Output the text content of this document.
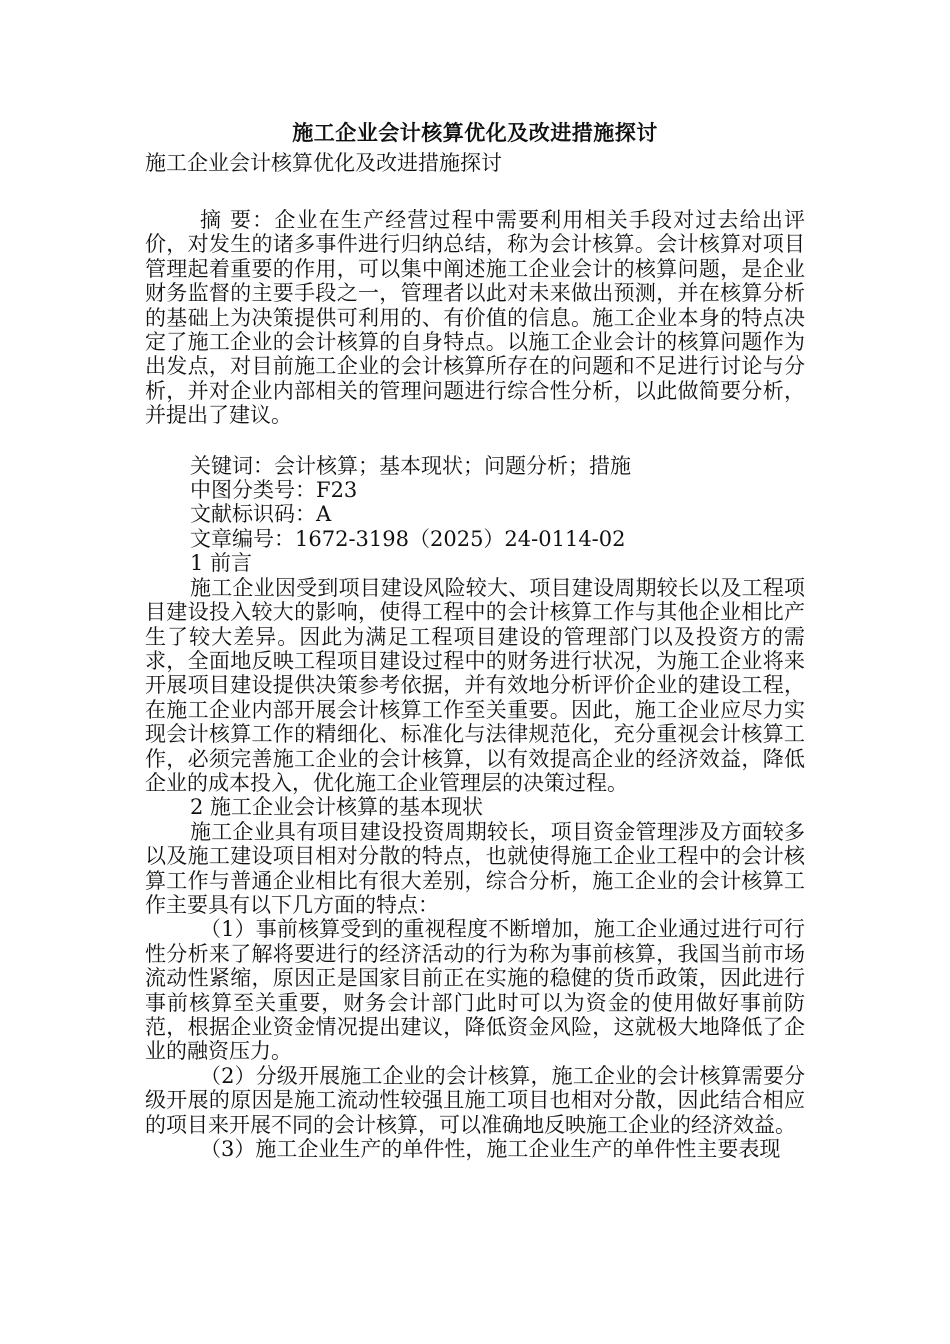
施工企业会计核算优化及改进措施探讨
施工企业会计核算优化及改进措施探讨

摘 要：企业在生产经营过程中需要利用相关手段对过去给出评价，对发生的诸多事件进行归纳总结，称为会计核算。会计核算对项目管理起着重要的作用，可以集中阐述施工企业会计的核算问题，是企业财务监督的主要手段之一，管理者以此对未来做出预测，并在核算分析的基础上为决策提供可利用的、有价值的信息。施工企业本身的特点决定了施工企业的会计核算的自身特点。以施工企业会计的核算问题作为出发点，对目前施工企业的会计核算所存在的问题和不足进行讨论与分析，并对企业内部相关的管理问题进行综合性分析，以此做简要分析，并提出了建议。

关键词：会计核算；基本现状；问题分析；措施

中图分类号：F23

文献标识码：A

文章编号：1672-3198（2025）24-0114-02

1 前言

施工企业因受到项目建设风险较大、项目建设周期较长以及工程项目建设投入较大的影响，使得工程中的会计核算工作与其他企业相比产生了较大差异。因此为满足工程项目建设的管理部门以及投资方的需求，全面地反映工程项目建设过程中的财务进行状况，为施工企业将来开展项目建设提供决策参考依据，并有效地分析评价企业的建设工程，在施工企业内部开展会计核算工作至关重要。因此，施工企业应尽力实现会计核算工作的精细化、标准化与法律规范化，充分重视会计核算工作，必须完善施工企业的会计核算，以有效提高企业的经济效益，降低企业的成本投入，优化施工企业管理层的决策过程。

2 施工企业会计核算的基本现状

施工企业具有项目建设投资周期较长，项目资金管理涉及方面较多以及施工建设项目相对分散的特点，也就使得施工企业工程中的会计核算工作与普通企业相比有很大差别，综合分析，施工企业的会计核算工作主要具有以下几方面的特点：

（1）事前核算受到的重视程度不断增加，施工企业通过进行可行性分析来了解将要进行的经济活动的行为称为事前核算，我国当前市场流动性紧缩，原因正是国家目前正在实施的稳健的货币政策，因此进行事前核算至关重要，财务会计部门此时可以为资金的使用做好事前防范，根据企业资金情况提出建议，降低资金风险，这就极大地降低了企业的融资压力。

（2）分级开展施工企业的会计核算，施工企业的会计核算需要分级开展的原因是施工流动性较强且施工项目也相对分散，因此结合相应的项目来开展不同的会计核算，可以准确地反映施工企业的经济效益。

（3）施工企业生产的单件性，施工企业生产的单件性主要表现
